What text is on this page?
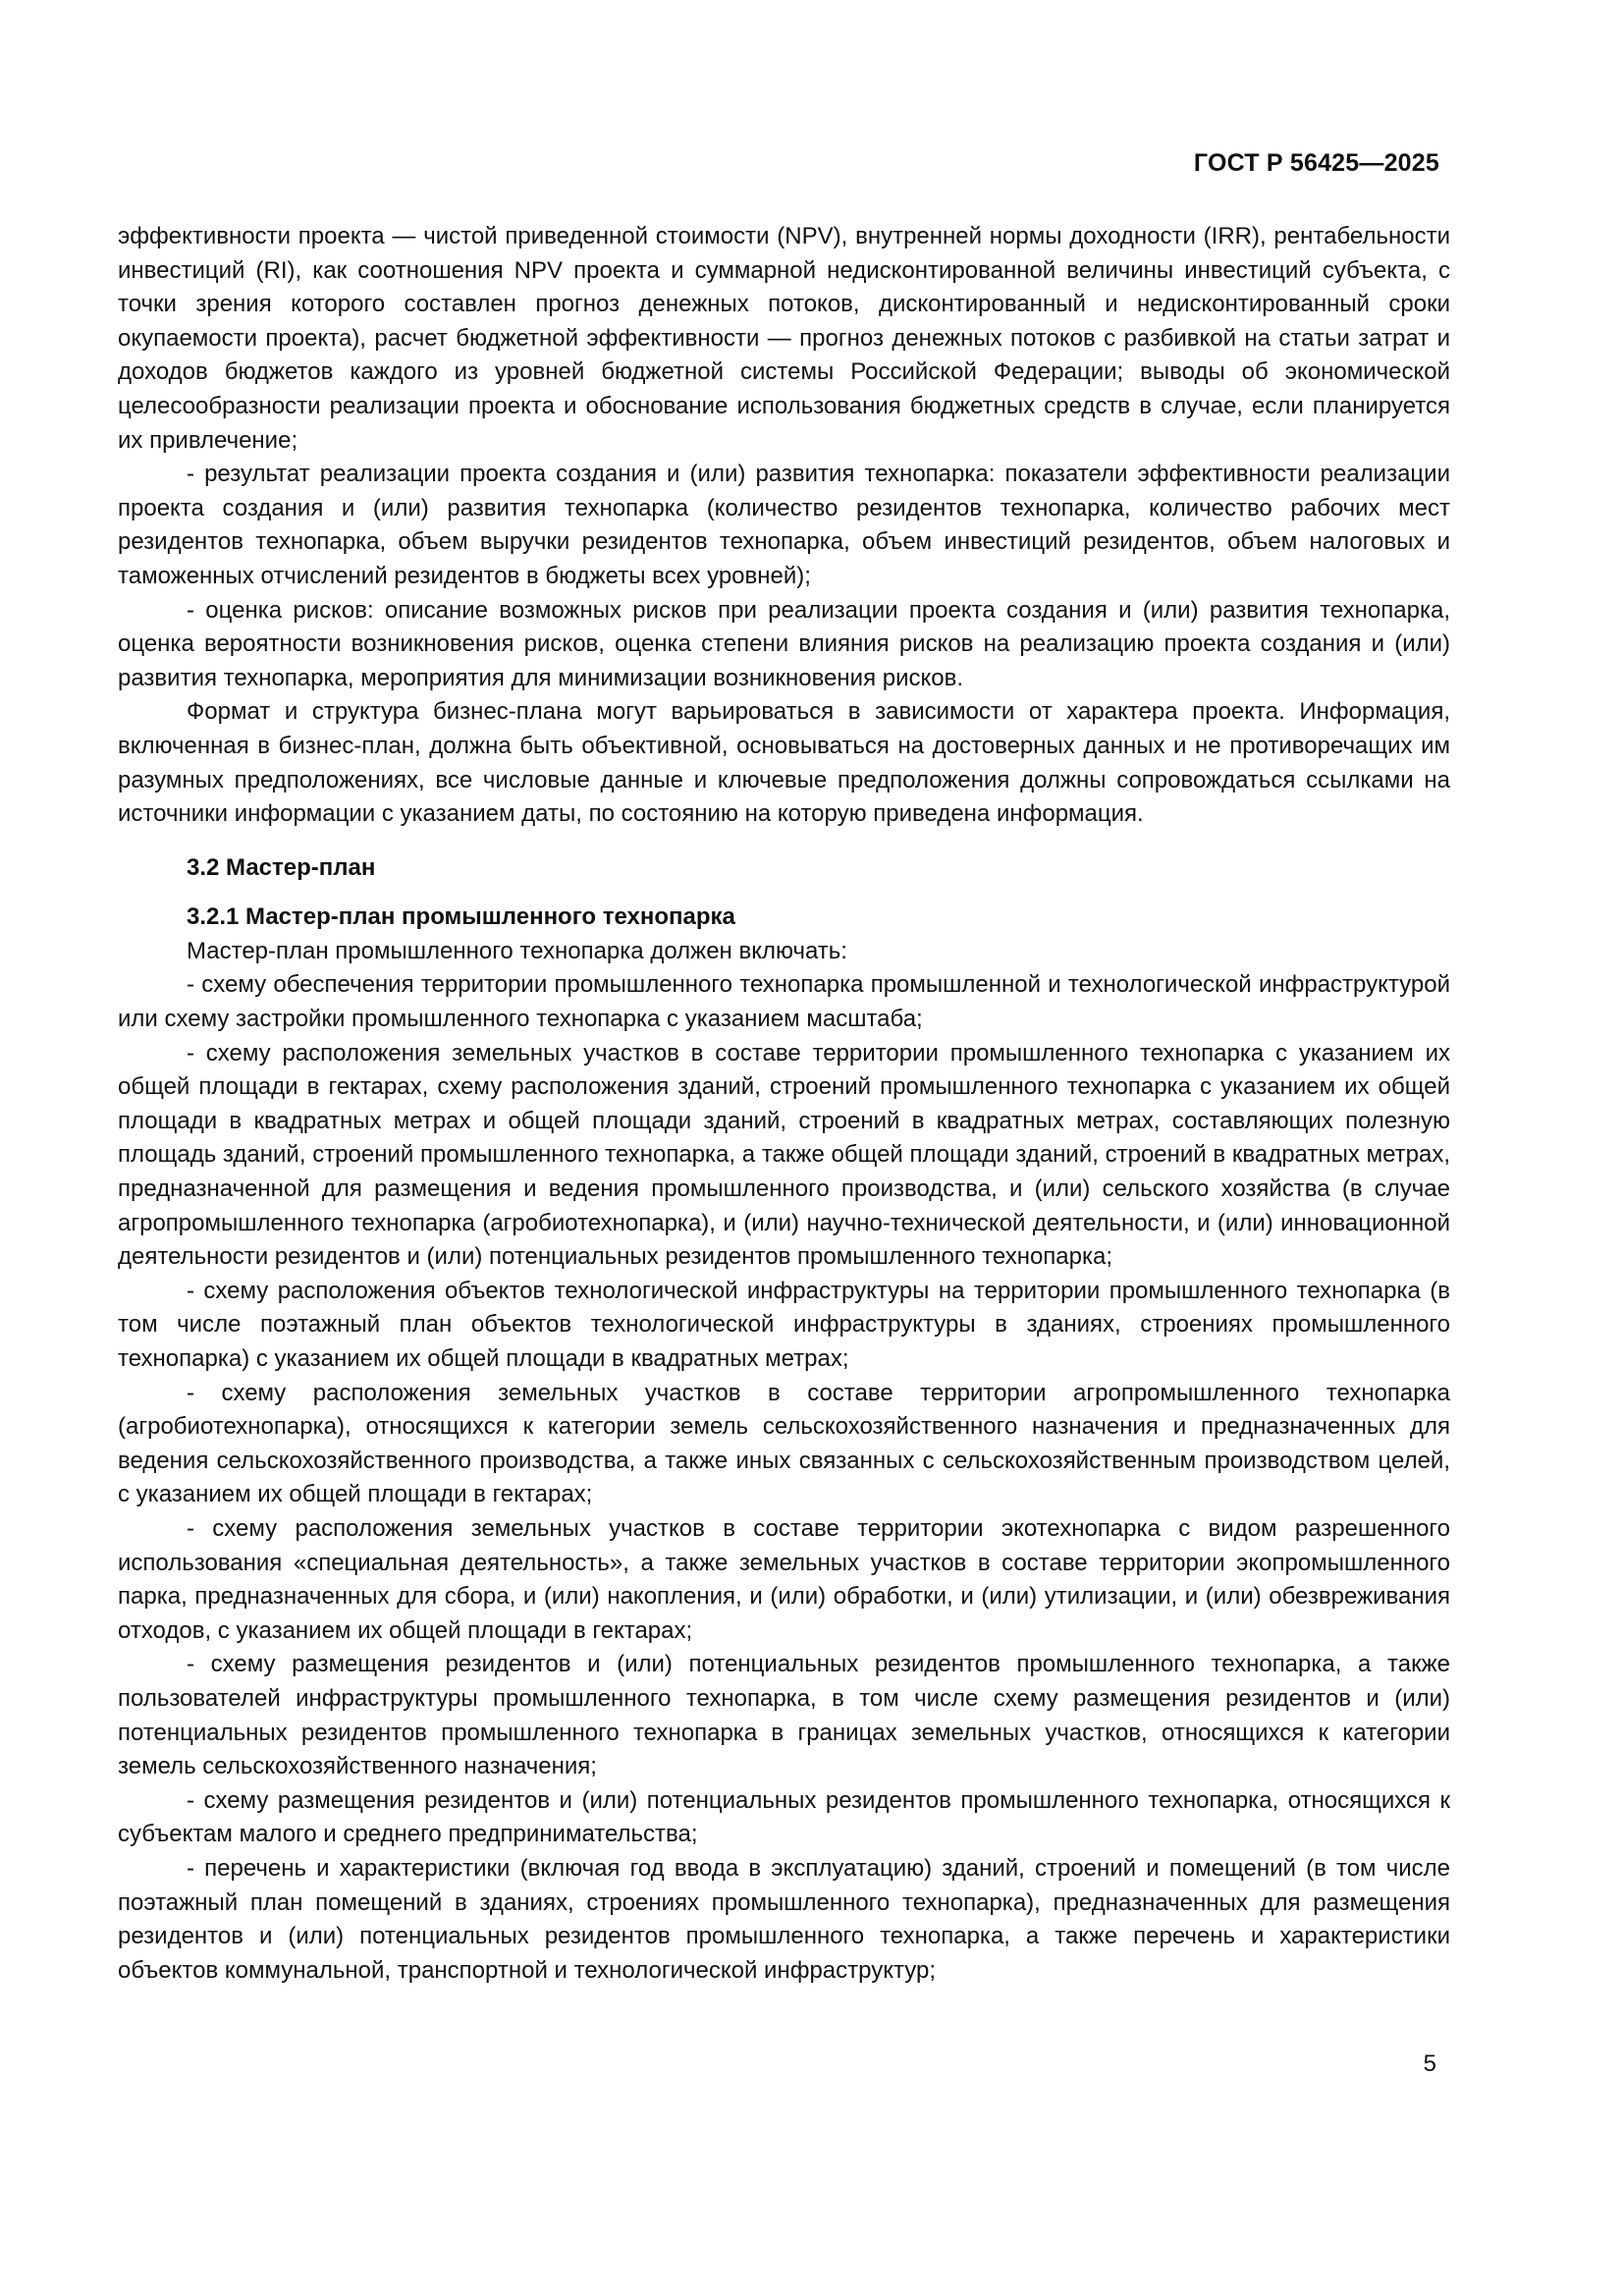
ГОСТ Р 56425—2025

эффективности проекта — чистой приведенной стоимости (NPV), внутренней нормы доходности (IRR), рентабельности инвестиций (RI), как соотношения NPV проекта и суммарной недисконтированной величины инвестиций субъекта, с точки зрения которого составлен прогноз денежных потоков, дисконтированный и недисконтированный сроки окупаемости проекта), расчет бюджетной эффективности — прогноз денежных потоков с разбивкой на статьи затрат и доходов бюджетов каждого из уровней бюджетной системы Российской Федерации; выводы об экономической целесообразности реализации проекта и обоснование использования бюджетных средств в случае, если планируется их привлечение;

- результат реализации проекта создания и (или) развития технопарка: показатели эффективности реализации проекта создания и (или) развития технопарка (количество резидентов технопарка, количество рабочих мест резидентов технопарка, объем выручки резидентов технопарка, объем инвестиций резидентов, объем налоговых и таможенных отчислений резидентов в бюджеты всех уровней);

- оценка рисков: описание возможных рисков при реализации проекта создания и (или) развития технопарка, оценка вероятности возникновения рисков, оценка степени влияния рисков на реализацию проекта создания и (или) развития технопарка, мероприятия для минимизации возникновения рисков.

Формат и структура бизнес-плана могут варьироваться в зависимости от характера проекта. Информация, включенная в бизнес-план, должна быть объективной, основываться на достоверных данных и не противоречащих им разумных предположениях, все числовые данные и ключевые предположения должны сопровождаться ссылками на источники информации с указанием даты, по состоянию на которую приведена информация.

3.2 Мастер-план
3.2.1 Мастер-план промышленного технопарка

Мастер-план промышленного технопарка должен включать:

- схему обеспечения территории промышленного технопарка промышленной и технологической инфраструктурой или схему застройки промышленного технопарка с указанием масштаба;

- схему расположения земельных участков в составе территории промышленного технопарка с указанием их общей площади в гектарах, схему расположения зданий, строений промышленного технопарка с указанием их общей площади в квадратных метрах и общей площади зданий, строений в квадратных метрах, составляющих полезную площадь зданий, строений промышленного технопарка, а также общей площади зданий, строений в квадратных метрах, предназначенной для размещения и ведения промышленного производства, и (или) сельского хозяйства (в случае агропромышленного технопарка (агробиотехнопарка), и (или) научно-технической деятельности, и (или) инновационной деятельности резидентов и (или) потенциальных резидентов промышленного технопарка;

- схему расположения объектов технологической инфраструктуры на территории промышленного технопарка (в том числе поэтажный план объектов технологической инфраструктуры в зданиях, строениях промышленного технопарка) с указанием их общей площади в квадратных метрах;

- схему расположения земельных участков в составе территории агропромышленного технопарка (агробиотехнопарка), относящихся к категории земель сельскохозяйственного назначения и предназначенных для ведения сельскохозяйственного производства, а также иных связанных с сельскохозяйственным производством целей, с указанием их общей площади в гектарах;

- схему расположения земельных участков в составе территории экотехнопарка с видом разрешенного использования «специальная деятельность», а также земельных участков в составе территории экопромышленного парка, предназначенных для сбора, и (или) накопления, и (или) обработки, и (или) утилизации, и (или) обезвреживания отходов, с указанием их общей площади в гектарах;

- схему размещения резидентов и (или) потенциальных резидентов промышленного технопарка, а также пользователей инфраструктуры промышленного технопарка, в том числе схему размещения резидентов и (или) потенциальных резидентов промышленного технопарка в границах земельных участков, относящихся к категории земель сельскохозяйственного назначения;

- схему размещения резидентов и (или) потенциальных резидентов промышленного технопарка, относящихся к субъектам малого и среднего предпринимательства;

- перечень и характеристики (включая год ввода в эксплуатацию) зданий, строений и помещений (в том числе поэтажный план помещений в зданиях, строениях промышленного технопарка), предназначенных для размещения резидентов и (или) потенциальных резидентов промышленного технопарка, а также перечень и характеристики объектов коммунальной, транспортной и технологической инфраструктур;

5
